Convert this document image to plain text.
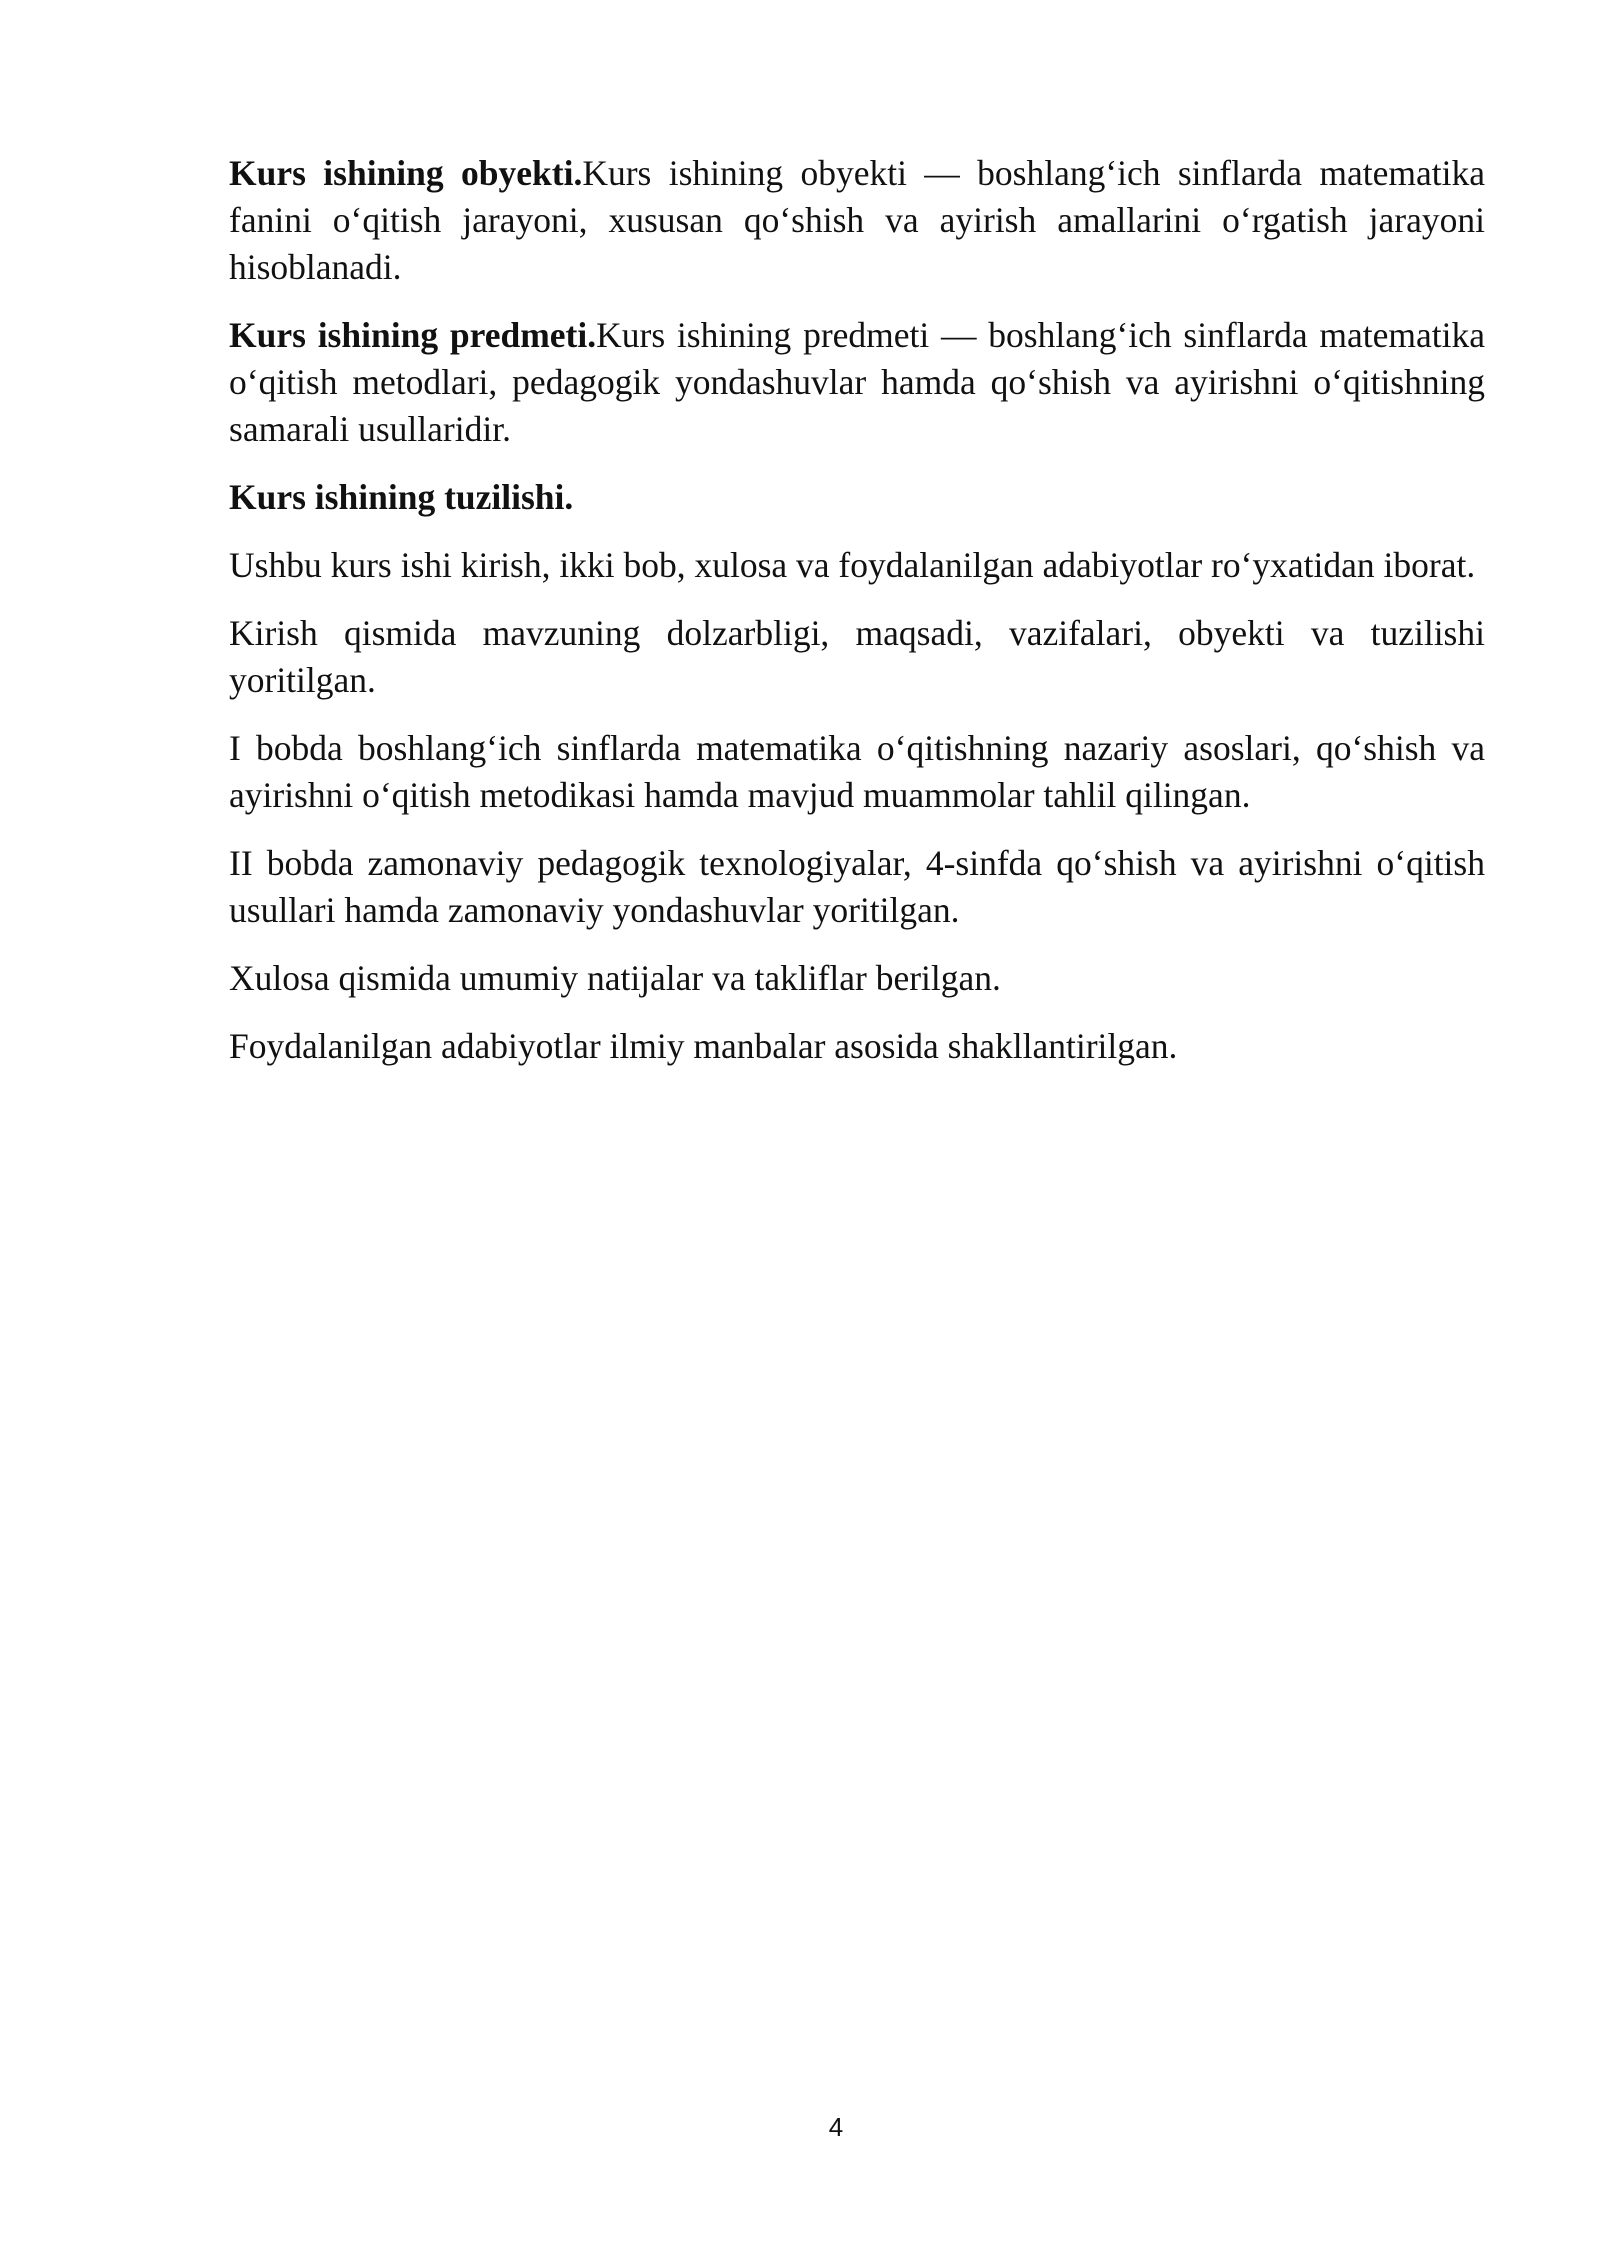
Kurs ishining obyekti.Kurs ishining obyekti — boshlang‘ich sinflarda matematika fanini o‘qitish jarayoni, xususan qo‘shish va ayirish amallarini o‘rgatish jarayoni hisoblanadi.

Kurs ishining predmeti.Kurs ishining predmeti — boshlang‘ich sinflarda matematika o‘qitish metodlari, pedagogik yondashuvlar hamda qo‘shish va ayirishni o‘qitishning samarali usullaridir.

Kurs ishining tuzilishi.

Ushbu kurs ishi kirish, ikki bob, xulosa va foydalanilgan adabiyotlar ro‘yxatidan iborat.

Kirish qismida mavzuning dolzarbligi, maqsadi, vazifalari, obyekti va tuzilishi yoritilgan.

I bobda boshlang‘ich sinflarda matematika o‘qitishning nazariy asoslari, qo‘shish va ayirishni o‘qitish metodikasi hamda mavjud muammolar tahlil qilingan.

II bobda zamonaviy pedagogik texnologiyalar, 4-sinfda qo‘shish va ayirishni o‘qitish usullari hamda zamonaviy yondashuvlar yoritilgan.

Xulosa qismida umumiy natijalar va takliflar berilgan.

Foydalanilgan adabiyotlar ilmiy manbalar asosida shakllantirilgan.

4
